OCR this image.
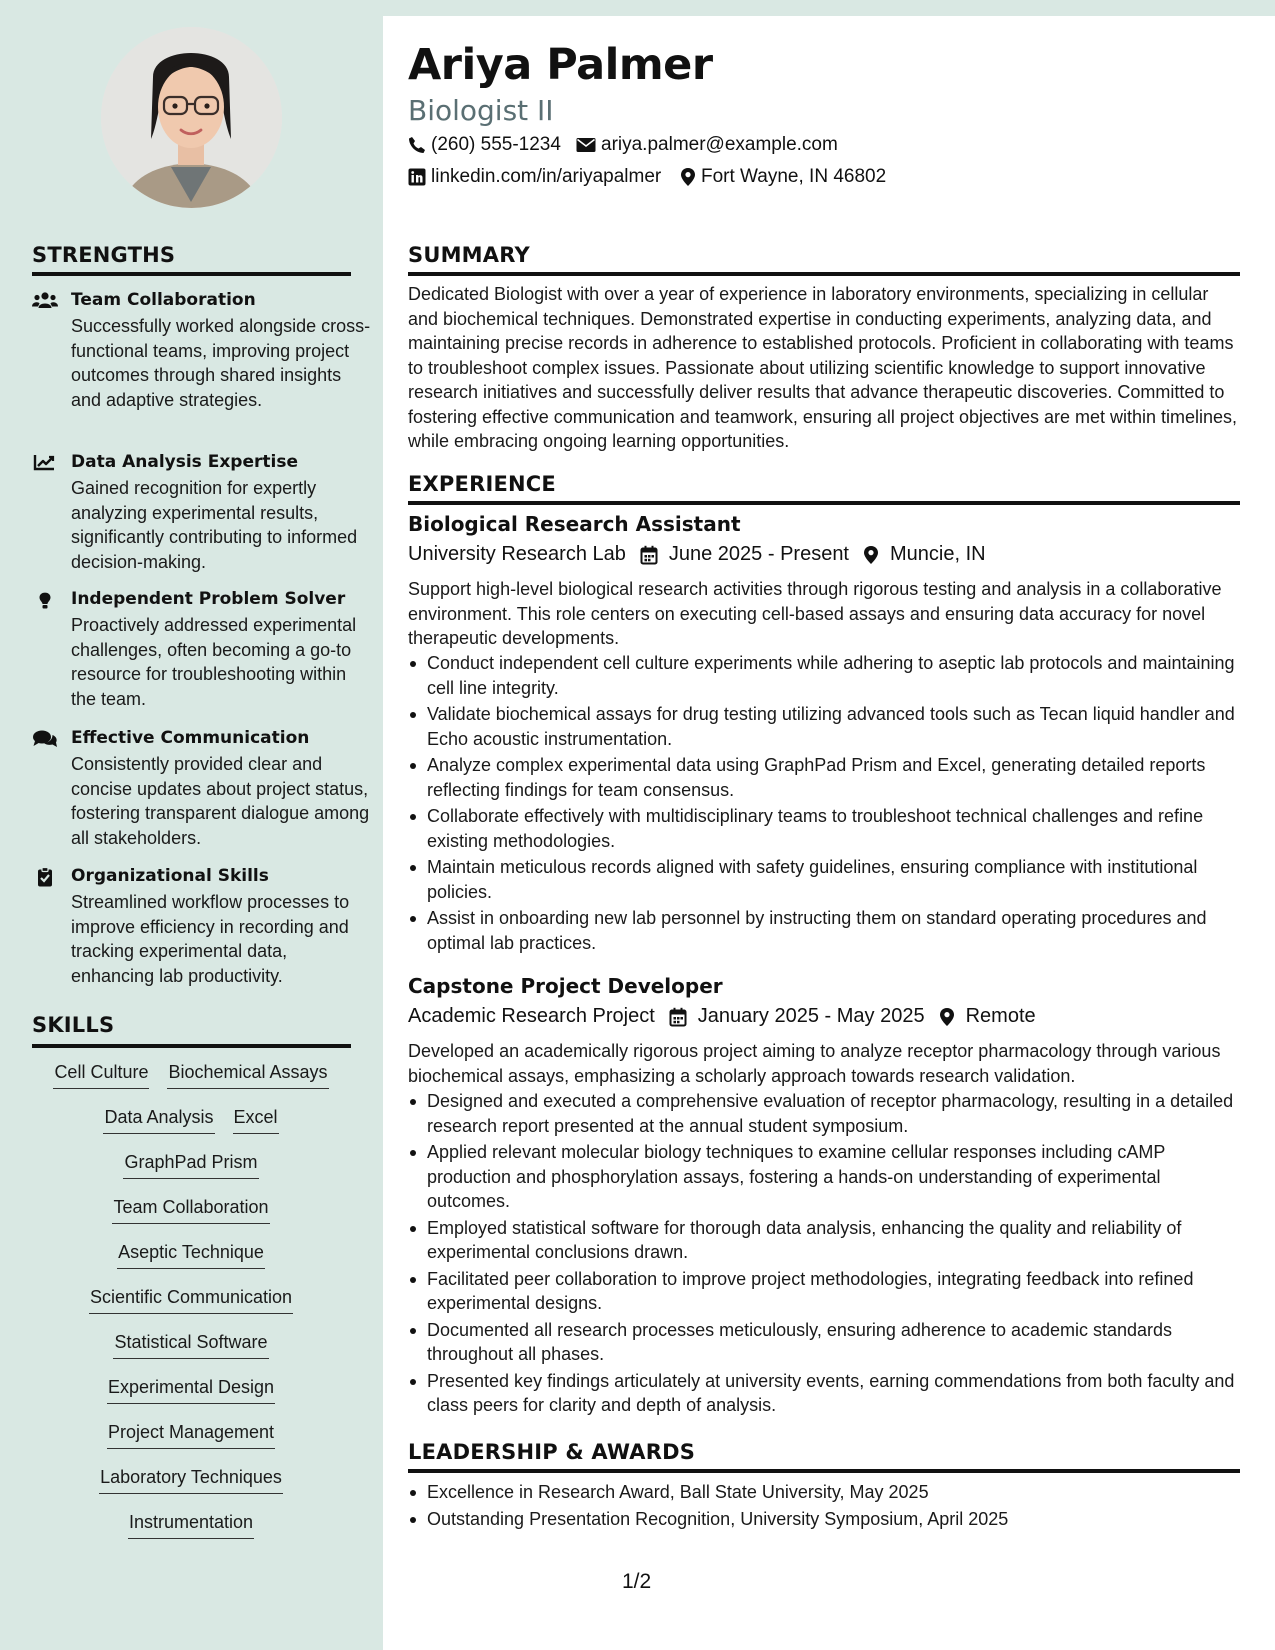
STRENGTHS
Team Collaboration
Successfully worked alongside cross-functional teams, improving project outcomes through shared insights and adaptive strategies.
Data Analysis Expertise
Gained recognition for expertly analyzing experimental results, significantly contributing to informed decision-making.
Independent Problem Solver
Proactively addressed experimental challenges, often becoming a go-to resource for troubleshooting within the team.
Effective Communication
Consistently provided clear and concise updates about project status, fostering transparent dialogue among all stakeholders.
Organizational Skills
Streamlined workflow processes to improve efficiency in recording and tracking experimental data, enhancing lab productivity.
SKILLS
Cell Culture Biochemical Assays
Data Analysis Excel
GraphPad Prism
Team Collaboration
Aseptic Technique
Scientific Communication
Statistical Software
Experimental Design
Project Management
Laboratory Techniques
Instrumentation
Ariya Palmer
Biologist II
(260) 555-1234 ariya.palmer@example.com
linkedin.com/in/ariyapalmer Fort Wayne, IN 46802
SUMMARY
Dedicated Biologist with over a year of experience in laboratory environments, specializing in cellular and biochemical techniques. Demonstrated expertise in conducting experiments, analyzing data, and maintaining precise records in adherence to established protocols. Proficient in collaborating with teams to troubleshoot complex issues. Passionate about utilizing scientific knowledge to support innovative research initiatives and successfully deliver results that advance therapeutic discoveries. Committed to fostering effective communication and teamwork, ensuring all project objectives are met within timelines, while embracing ongoing learning opportunities.
EXPERIENCE
Biological Research Assistant
University Research Lab June 2025 - Present Muncie, IN
Support high-level biological research activities through rigorous testing and analysis in a collaborative environment. This role centers on executing cell-based assays and ensuring data accuracy for novel therapeutic developments.
Conduct independent cell culture experiments while adhering to aseptic lab protocols and maintaining cell line integrity.
Validate biochemical assays for drug testing utilizing advanced tools such as Tecan liquid handler and Echo acoustic instrumentation.
Analyze complex experimental data using GraphPad Prism and Excel, generating detailed reports reflecting findings for team consensus.
Collaborate effectively with multidisciplinary teams to troubleshoot technical challenges and refine existing methodologies.
Maintain meticulous records aligned with safety guidelines, ensuring compliance with institutional policies.
Assist in onboarding new lab personnel by instructing them on standard operating procedures and optimal lab practices.
Capstone Project Developer
Academic Research Project January 2025 - May 2025 Remote
Developed an academically rigorous project aiming to analyze receptor pharmacology through various biochemical assays, emphasizing a scholarly approach towards research validation.
Designed and executed a comprehensive evaluation of receptor pharmacology, resulting in a detailed research report presented at the annual student symposium.
Applied relevant molecular biology techniques to examine cellular responses including cAMP production and phosphorylation assays, fostering a hands-on understanding of experimental outcomes.
Employed statistical software for thorough data analysis, enhancing the quality and reliability of experimental conclusions drawn.
Facilitated peer collaboration to improve project methodologies, integrating feedback into refined experimental designs.
Documented all research processes meticulously, ensuring adherence to academic standards throughout all phases.
Presented key findings articulately at university events, earning commendations from both faculty and class peers for clarity and depth of analysis.
LEADERSHIP & AWARDS
Excellence in Research Award, Ball State University, May 2025
Outstanding Presentation Recognition, University Symposium, April 2025
1/2
